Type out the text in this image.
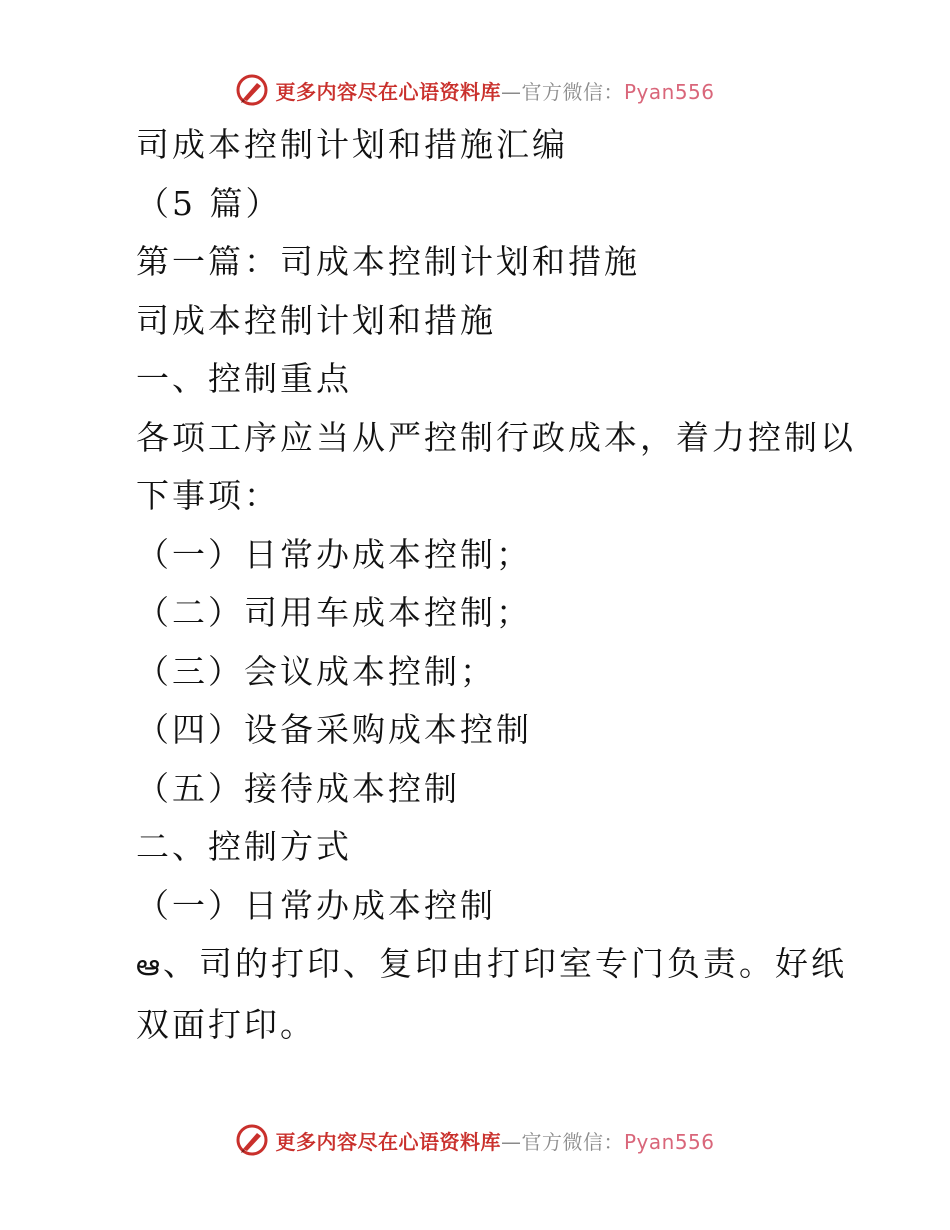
更多内容尽在心语资料库—官方微信：Pyan556

司成本控制计划和措施汇编

（5 篇）

第一篇：司成本控制计划和措施

司成本控制计划和措施

一、控制重点

各项工序应当从严控制行政成本，着力控制以下事项：

（一）日常办成本控制；

（二）司用车成本控制；

（三）会议成本控制；

（四）设备采购成本控制

（五）接待成本控制

二、控制方式

（一）日常办成本控制

ఆ、司的打印、复印由打印室专门负责。好纸双面打印。

更多内容尽在心语资料库—官方微信：Pyan556
